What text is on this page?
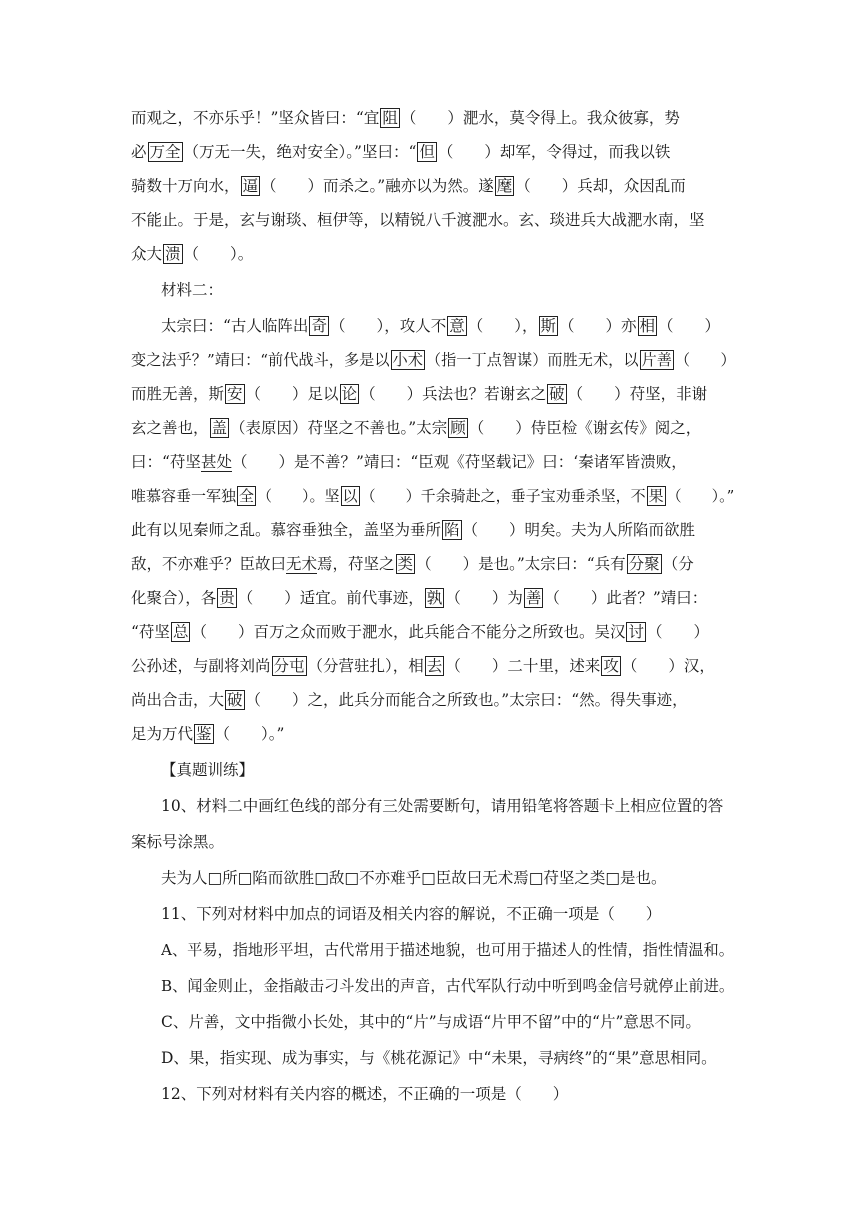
而观之，不亦乐乎！”坚众皆曰：“宜 阻 （　　）淝水，莫令得上。我众彼寡，势
必 万全 （万无一失，绝对安全）。”坚曰：“ 但 （　　）却军，令得过，而我以铁
骑数十万向水， 逼 （　　）而杀之。”融亦以为然。遂 麾 （　　）兵却，众因乱而
不能止。于是，玄与谢琰、桓伊等，以精锐八千渡淝水。玄、琰进兵大战淝水南，坚
众大 溃 （　　）。
材料二：
太宗曰：“古人临阵出 奇 （　　），攻人不 意 （　　）， 斯 （　　）亦 相 （　　）
变之法乎？”靖曰：“前代战斗，多是以 小术 （指一丁点智谋）而胜无术，以 片善 （　　）
而胜无善，斯 安 （　　）足以 论 （　　）兵法也？若谢玄之 破 （　　）苻坚，非谢
玄之善也， 盖 （表原因）苻坚之不善也。”太宗 顾 （　　）侍臣检《谢玄传》阅之，
曰：“苻坚甚处（　　）是不善？”靖曰：“臣观《苻坚载记》曰：‘秦诸军皆溃败，
唯慕容垂一军独 全 （　　）。坚 以 （　　）千余骑赴之，垂子宝劝垂杀坚，不 果 （　　）。”
此有以见秦师之乱。慕容垂独全，盖坚为垂所 陷 （　　）明矣。夫为人所陷而欲胜
敌，不亦难乎？臣故曰无术焉，苻坚之 类 （　　）是也。”太宗曰：“兵有 分聚 （分
化聚合），各 贵 （　　）适宜。前代事迹， 孰 （　　）为 善 （　　）此者？”靖曰：
“苻坚 总 （　　）百万之众而败于淝水，此兵能合不能分之所致也。吴汉 讨 （　　）
公孙述，与副将刘尚 分屯 （分营驻扎），相 去 （　　）二十里，述来 攻 （　　）汉，
尚出合击，大 破 （　　）之，此兵分而能合之所致也。”太宗曰：“然。得失事迹，
足为万代 鉴 （　　）。”
【真题训练】
10、材料二中画红色线的部分有三处需要断句，请用铅笔将答题卡上相应位置的答
案标号涂黑。
夫为人□所□陷而欲胜□敌□不亦难乎□臣故曰无术焉□苻坚之类□是也。
11、下列对材料中加点的词语及相关内容的解说，不正确一项是（　　）
A、平易，指地形平坦，古代常用于描述地貌，也可用于描述人的性情，指性情温和。
B、闻金则止，金指敲击刁斗发出的声音，古代军队行动中听到鸣金信号就停止前进。
C、片善，文中指微小长处，其中的“片”与成语“片甲不留”中的“片”意思不同。
D、果，指实现、成为事实，与《桃花源记》中“未果，寻病终”的“果”意思相同。
12、下列对材料有关内容的概述，不正确的一项是（　　）
